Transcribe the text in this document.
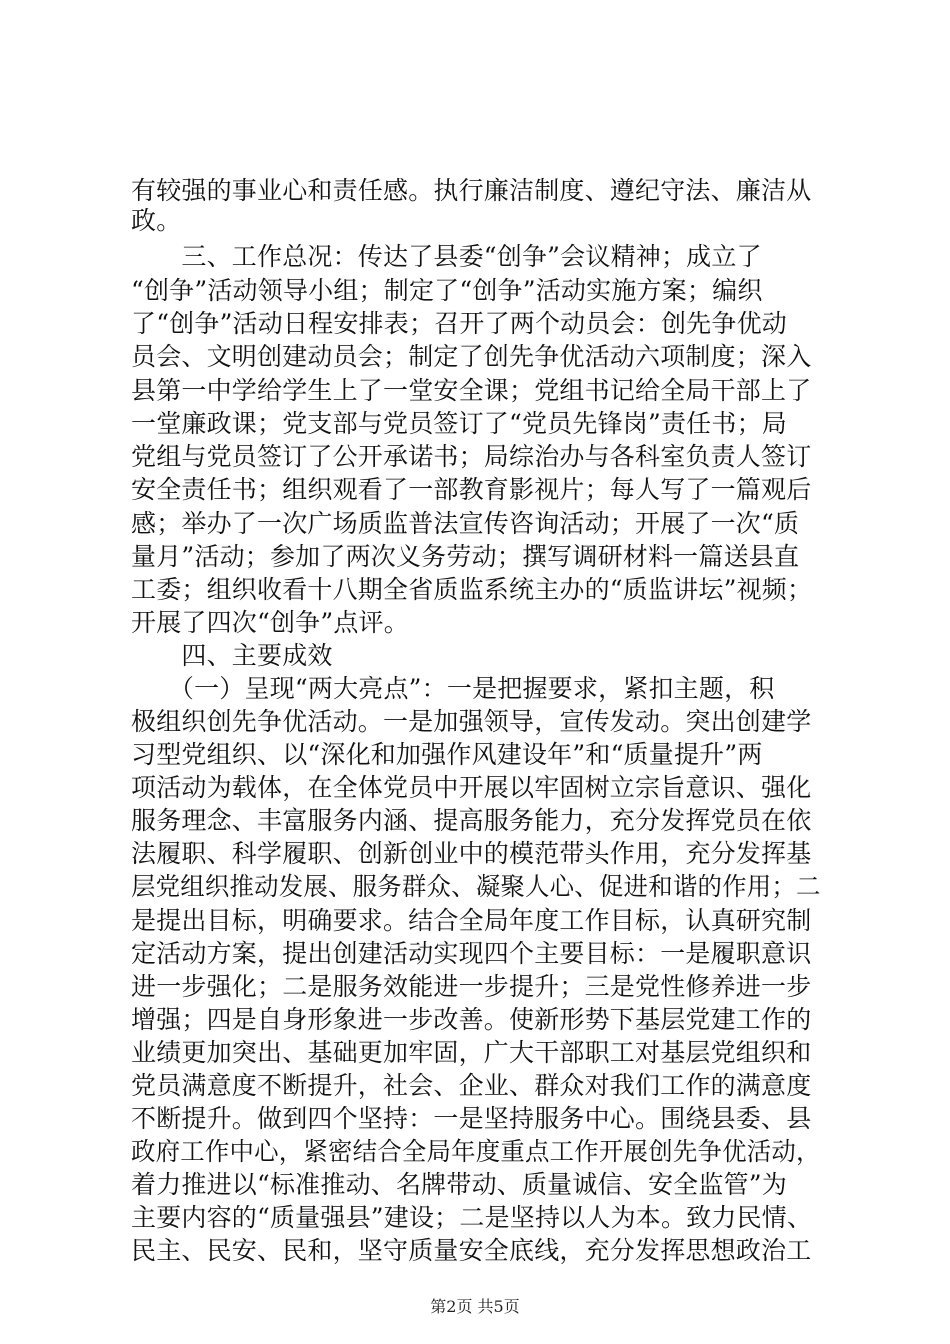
有较强的事业心和责任感。执行廉洁制度、遵纪守法、廉洁从
政。
　　三、工作总况：传达了县委“创争”会议精神；成立了
“创争”活动领导小组；制定了“创争”活动实施方案；编织
了“创争”活动日程安排表；召开了两个动员会：创先争优动
员会、文明创建动员会；制定了创先争优活动六项制度；深入
县第一中学给学生上了一堂安全课；党组书记给全局干部上了
一堂廉政课；党支部与党员签订了“党员先锋岗”责任书；局
党组与党员签订了公开承诺书；局综治办与各科室负责人签订
安全责任书；组织观看了一部教育影视片；每人写了一篇观后
感；举办了一次广场质监普法宣传咨询活动；开展了一次“质
量月”活动；参加了两次义务劳动；撰写调研材料一篇送县直
工委；组织收看十八期全省质监系统主办的“质监讲坛”视频；
开展了四次“创争”点评。
　　四、主要成效
　　（一）呈现“两大亮点”：一是把握要求，紧扣主题，积
极组织创先争优活动。一是加强领导，宣传发动。突出创建学
习型党组织、以“深化和加强作风建设年”和“质量提升”两
项活动为载体，在全体党员中开展以牢固树立宗旨意识、强化
服务理念、丰富服务内涵、提高服务能力，充分发挥党员在依
法履职、科学履职、创新创业中的模范带头作用，充分发挥基
层党组织推动发展、服务群众、凝聚人心、促进和谐的作用；二
是提出目标，明确要求。结合全局年度工作目标，认真研究制
定活动方案，提出创建活动实现四个主要目标：一是履职意识
进一步强化；二是服务效能进一步提升；三是党性修养进一步
增强；四是自身形象进一步改善。使新形势下基层党建工作的
业绩更加突出、基础更加牢固，广大干部职工对基层党组织和
党员满意度不断提升，社会、企业、群众对我们工作的满意度
不断提升。做到四个坚持：一是坚持服务中心。围绕县委、县
政府工作中心，紧密结合全局年度重点工作开展创先争优活动，
着力推进以“标准推动、名牌带动、质量诚信、安全监管”为
主要内容的“质量强县”建设；二是坚持以人为本。致力民情、
民主、民安、民和，坚守质量安全底线，充分发挥思想政治工
第2页 共5页
